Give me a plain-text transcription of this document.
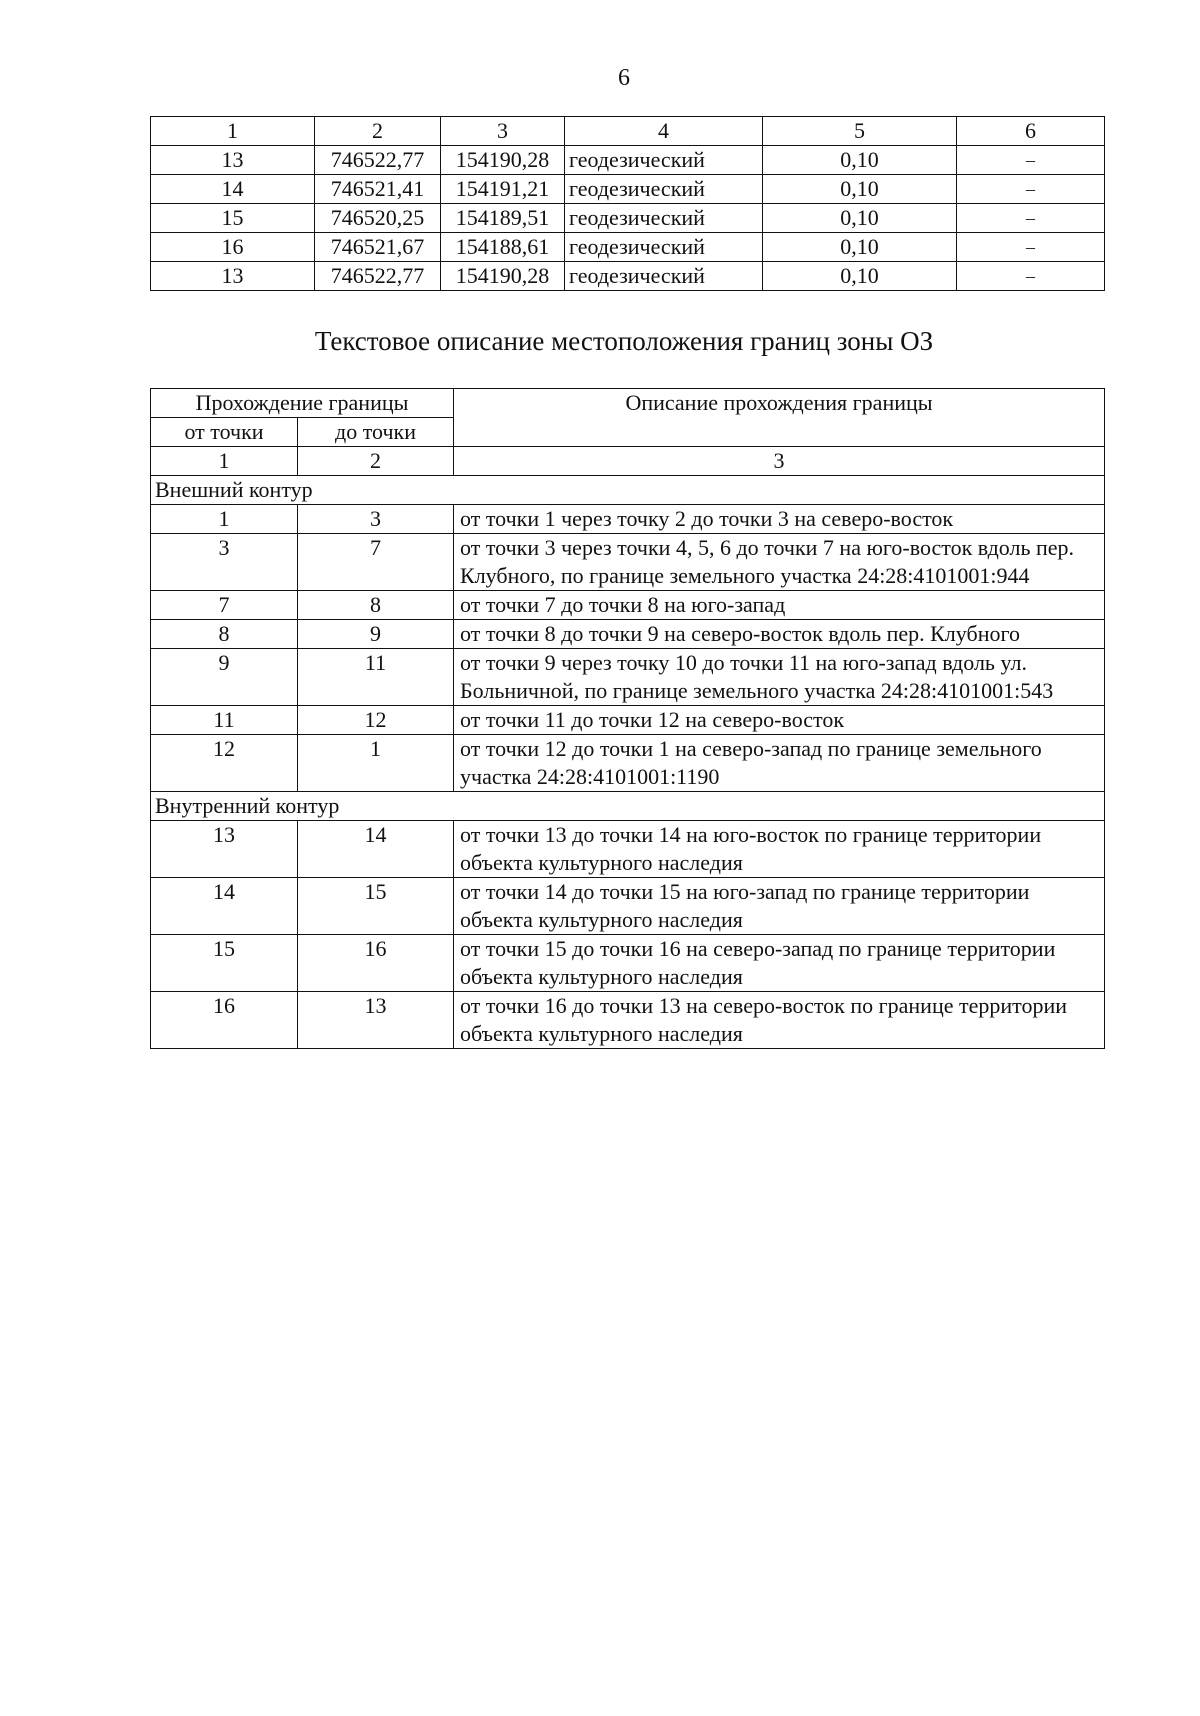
6
1	2	3	4	5	6
13	746522,77	154190,28	геодезический	0,10	–
14	746521,41	154191,21	геодезический	0,10	–
15	746520,25	154189,51	геодезический	0,10	–
16	746521,67	154188,61	геодезический	0,10	–
13	746522,77	154190,28	геодезический	0,10	–
Текстовое описание местоположения границ зоны ОЗ
Прохождение границы		Описание прохождения границы
от точки	до точки	
1	2	3
Внешний контур		
1	3	от точки 1 через точку 2 до точки 3 на северо-восток
3	7	от точки 3 через точки 4, 5, 6 до точки 7 на юго-восток вдоль пер. Клубного, по границе земельного участка 24:28:4101001:944
7	8	от точки 7 до точки 8 на юго-запад
8	9	от точки 8 до точки 9 на северо-восток вдоль пер. Клубного
9	11	от точки 9 через точку 10 до точки 11 на юго-запад вдоль ул. Больничной, по границе земельного участка 24:28:4101001:543
11	12	от точки 11 до точки 12 на северо-восток
12	1	от точки 12 до точки 1 на северо-запад по границе земельного участка 24:28:4101001:1190
Внутренний контур		
13	14	от точки 13 до точки 14 на юго-восток по границе территории объекта культурного наследия
14	15	от точки 14 до точки 15 на юго-запад по границе территории объекта культурного наследия
15	16	от точки 15 до точки 16 на северо-запад по границе территории объекта культурного наследия
16	13	от точки 16 до точки 13 на северо-восток по границе территории объекта культурного наследия
